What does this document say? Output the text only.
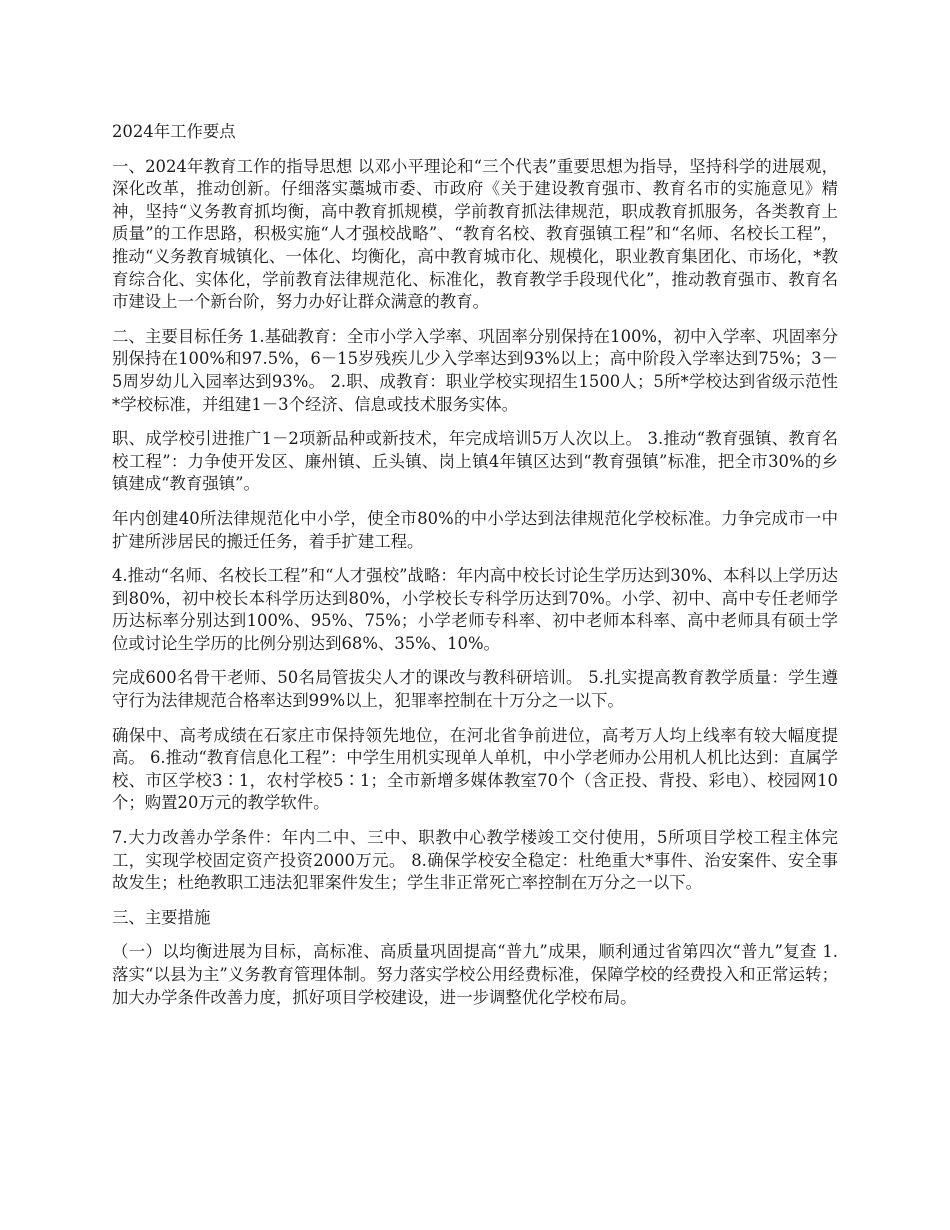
2024年工作要点

一、2024年教育工作的指导思想 以邓小平理论和“三个代表”重要思想为指导，坚持科学的进展观，深化改革，推动创新。仔细落实藁城市委、市政府《关于建设教育强市、教育名市的实施意见》精神，坚持“义务教育抓均衡，高中教育抓规模，学前教育抓法律规范，职成教育抓服务，各类教育上质量”的工作思路，积极实施“人才强校战略”、“教育名校、教育强镇工程”和“名师、名校长工程”，推动“义务教育城镇化、一体化、均衡化，高中教育城市化、规模化，职业教育集团化、市场化，*教育综合化、实体化，学前教育法律规范化、标准化，教育教学手段现代化”，推动教育强市、教育名市建设上一个新台阶，努力办好让群众满意的教育。

二、主要目标任务 1.基础教育：全市小学入学率、巩固率分别保持在100%，初中入学率、巩固率分别保持在100%和97.5%，6－15岁残疾儿少入学率达到93%以上；高中阶段入学率达到75%；3－5周岁幼儿入园率达到93%。 2.职、成教育：职业学校实现招生1500人；5所*学校达到省级示范性*学校标准，并组建1－3个经济、信息或技术服务实体。

职、成学校引进推广1－2项新品种或新技术，年完成培训5万人次以上。 3.推动“教育强镇、教育名校工程”：力争使开发区、廉州镇、丘头镇、岗上镇4年镇区达到“教育强镇”标准，把全市30%的乡镇建成“教育强镇”。

年内创建40所法律规范化中小学，使全市80%的中小学达到法律规范化学校标准。力争完成市一中扩建所涉居民的搬迁任务，着手扩建工程。

4.推动“名师、名校长工程”和“人才强校”战略：年内高中校长讨论生学历达到30%、本科以上学历达到80%，初中校长本科学历达到80%，小学校长专科学历达到70%。小学、初中、高中专任老师学历达标率分别达到100%、95%、75%；小学老师专科率、初中老师本科率、高中老师具有硕士学位或讨论生学历的比例分别达到68%、35%、10%。

完成600名骨干老师、50名局管拔尖人才的课改与教科研培训。 5.扎实提高教育教学质量：学生遵守行为法律规范合格率达到99%以上，犯罪率控制在十万分之一以下。

确保中、高考成绩在石家庄市保持领先地位，在河北省争前进位，高考万人均上线率有较大幅度提高。 6.推动“教育信息化工程”：中学生用机实现单人单机，中小学老师办公用机人机比达到：直属学校、市区学校3∶1，农村学校5∶1；全市新增多媒体教室70个（含正投、背投、彩电）、校园网10个；购置20万元的教学软件。

7.大力改善办学条件：年内二中、三中、职教中心教学楼竣工交付使用，5所项目学校工程主体完工，实现学校固定资产投资2000万元。 8.确保学校安全稳定：杜绝重大*事件、治安案件、安全事故发生；杜绝教职工违法犯罪案件发生；学生非正常死亡率控制在万分之一以下。

三、主要措施

（一）以均衡进展为目标，高标准、高质量巩固提高“普九”成果，顺利通过省第四次“普九”复查 1.落实“以县为主”义务教育管理体制。努力落实学校公用经费标准，保障学校的经费投入和正常运转；加大办学条件改善力度，抓好项目学校建设，进一步调整优化学校布局。
